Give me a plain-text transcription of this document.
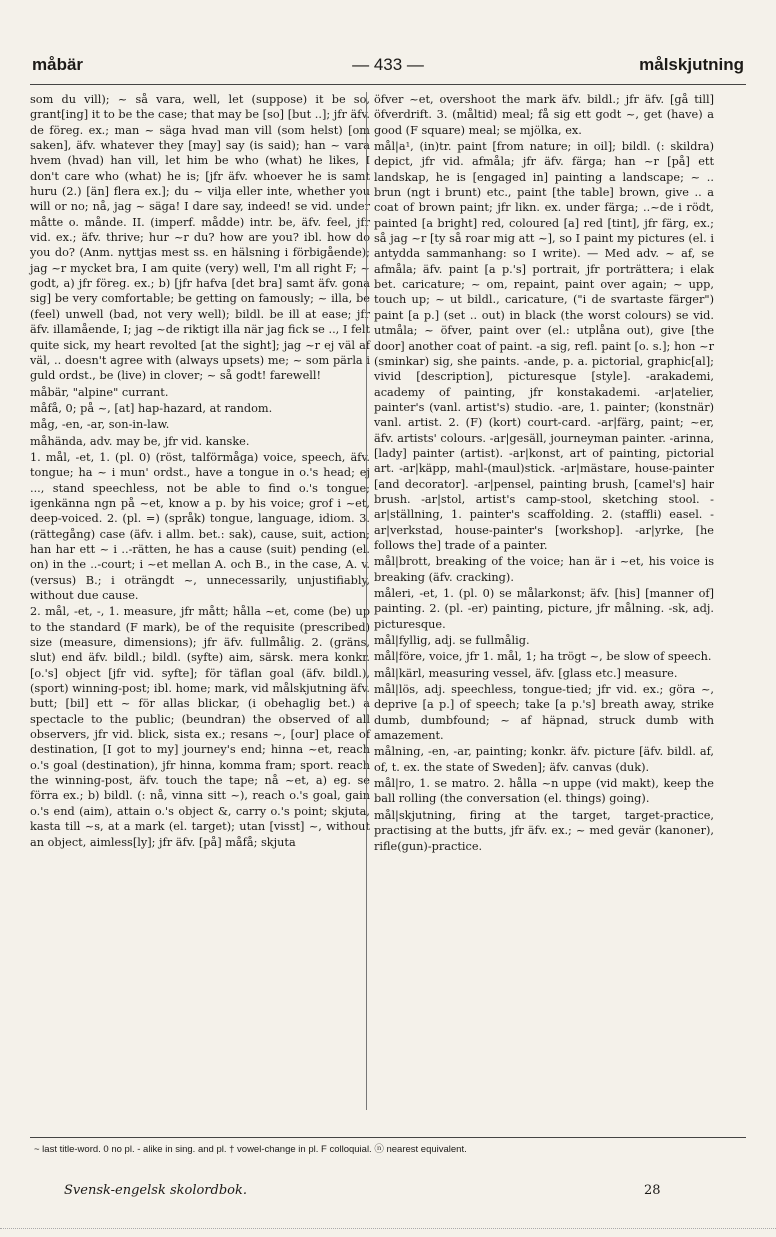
måbär	— 433 —	målskjutning

som du vill); ~ så vara, well, let (suppose) it be so, grant[ing] it to be the case; that may be [so] [but ..]; jfr äfv. de föreg. ex.; man ~ säga hvad man vill (som helst) [om saken], äfv. whatever they [may] say (is said); han ~ vara hvem (hvad) han vill, let him be who (what) he likes, I don't care who (what) he is; [jfr äfv. whoever he is samt huru (2.) [än] flera ex.]; du ~ vilja eller inte, whether you will or no; nå, jag ~ säga! I dare say, indeed! se vid. under måtte o. månde. II. (imperf. mådde) intr. be, äfv. feel, jfr vid. ex.; äfv. thrive; hur ~r du? how are you? ibl. how do you do? (Anm. nyttjas mest ss. en hälsning i förbigående); jag ~r mycket bra, I am quite (very) well, I'm all right F; ~ godt, a) jfr föreg. ex.; b) [jfr hafva [det bra] samt äfv. gona sig] be very comfortable; be getting on famously; ~ illa, be (feel) unwell (bad, not very well); bildl. be ill at ease; jfr äfv. illamående, I; jag ~de riktigt illa när jag fick se .., I felt quite sick, my heart revolted [at the sight]; jag ~r ej väl af väl, .. doesn't agree with (always upsets) me; ~ som pärla i guld ordst., be (live) in clover; ~ så godt! farewell!

måbär, "alpine" currant.

måfå, 0; på ~, [at] hap-hazard, at random.

måg, -en, -ar, son-in-law.

måhända, adv. may be, jfr vid. kanske.

1. mål, -et, 1. (pl. 0) (röst, talförmåga) voice, speech, äfv. tongue; ha ~ i mun' ordst., have a tongue in o.'s head; ej ..., stand speechless, not be able to find o.'s tongue; igenkänna ngn på ~et, know a p. by his voice; grof i ~et, deep-voiced. 2. (pl. =) (språk) tongue, language, idiom. 3. (rättegång) case (äfv. i allm. bet.: sak), cause, suit, action; han har ett ~ i ..-rätten, he has a cause (suit) pending (el. on) in the ..-court; i ~et mellan A. och B., in the case, A. v. (versus) B.; i oträngdt ~, unnecessarily, unjustifiably, without due cause.

2. mål, -et, -, 1. measure, jfr mått; hålla ~et, come (be) up to the standard (F mark), be of the requisite (prescribed) size (measure, dimensions); jfr äfv. fullmålig. 2. (gräns, slut) end äfv. bildl.; bildl. (syfte) aim, särsk. mera konkr. [o.'s] object [jfr vid. syfte]; för täflan goal (äfv. bildl.), (sport) winning-post; ibl. home; mark, vid målskjutning äfv. butt; [bil] ett ~ för allas blickar, (i obehaglig bet.) a spectacle to the public; (beundran) the observed of all observers, jfr vid. blick, sista ex.; resans ~, [our] place of destination, [I got to my] journey's end; hinna ~et, reach o.'s goal (destination), jfr hinna, komma fram; sport. reach the winning-post, äfv. touch the tape; nå ~et, a) eg. se förra ex.; b) bildl. (: nå, vinna sitt ~), reach o.'s goal, gain o.'s end (aim), attain o.'s object &, carry o.'s point; skjuta, kasta till ~s, at a mark (el. target); utan [visst] ~, without an object, aimless[ly]; jfr äfv. [på] måfå; skjuta

öfver ~et, overshoot the mark äfv. bildl.; jfr äfv. [gå till] öfverdrift. 3. (måltid) meal; få sig ett godt ~, get (have) a good (F square) meal; se mjölka, ex.

mål|a¹, (in)tr. paint [from nature; in oil]; bildl. (: skildra) depict, jfr vid. afmåla; jfr äfv. färga; han ~r [på] ett landskap, he is [engaged in] painting a landscape; ~ .. brun (ngt i brunt) etc., paint [the table] brown, give .. a coat of brown paint; jfr likn. ex. under färga; ..~de i rödt, painted [a bright] red, coloured [a] red [tint], jfr färg, ex.; så jag ~r [ty så roar mig att ~], so I paint my pictures (el. i antydda sammanhang: so I write). — Med adv. ~ af, se afmåla; äfv. paint [a p.'s] portrait, jfr porträttera; i elak bet. caricature; ~ om, repaint, paint over again; ~ upp, touch up; ~ ut bildl., caricature, ("i de svartaste färger") paint [a p.] (set .. out) in black (the worst colours) se vid. utmåla; ~ öfver, paint over (el.: utplåna out), give [the door] another coat of paint. -a sig, refl. paint [o. s.]; hon ~r (sminkar) sig, she paints. -ande, p. a. pictorial, graphic[al]; vivid [description], picturesque [style]. -arakademi, academy of painting, jfr konstakademi. -ar|atelier, painter's (vanl. artist's) studio. -are, 1. painter; (konstnär) vanl. artist. 2. (F) (kort) court-card. -ar|färg, paint; ~er, äfv. artists' colours. -ar|gesäll, journeyman painter. -arinna, [lady] painter (artist). -ar|konst, art of painting, pictorial art. -ar|käpp, mahl-(maul)stick. -ar|mästare, house-painter [and decorator]. -ar|pensel, painting brush, [camel's] hair brush. -ar|stol, artist's camp-stool, sketching stool. -ar|ställning, 1. painter's scaffolding. 2. (staffli) easel. -ar|verkstad, house-painter's [workshop]. -ar|yrke, [he follows the] trade of a painter.

mål|brott, breaking of the voice; han är i ~et, his voice is breaking (äfv. cracking).

måleri, -et, 1. (pl. 0) se målarkonst; äfv. [his] [manner of] painting. 2. (pl. -er) painting, picture, jfr målning. -sk, adj. picturesque.

mål|fyllig, adj. se fullmålig.

mål|före, voice, jfr 1. mål, 1; ha trögt ~, be slow of speech.

mål|kärl, measuring vessel, äfv. [glass etc.] measure.

mål|lös, adj. speechless, tongue-tied; jfr vid. ex.; göra ~, deprive [a p.] of speech; take [a p.'s] breath away, strike dumb, dumbfound; ~ af häpnad, struck dumb with amazement.

målning, -en, -ar, painting; konkr. äfv. picture [äfv. bildl. af, of, t. ex. the state of Sweden]; äfv. canvas (duk).

mål|ro, 1. se matro. 2. hålla ~n uppe (vid makt), keep the ball rolling (the conversation (el. things) going).

mål|skjutning, firing at the target, target-practice, practising at the butts, jfr äfv. ex.; ~ med gevär (kanoner), rifle(gun)-practice.

~ last title-word. 0 no pl. - alike in sing. and pl. † vowel-change in pl. F colloquial. ⓝ nearest equivalent.
Svensk-engelsk skolordbok.	28
